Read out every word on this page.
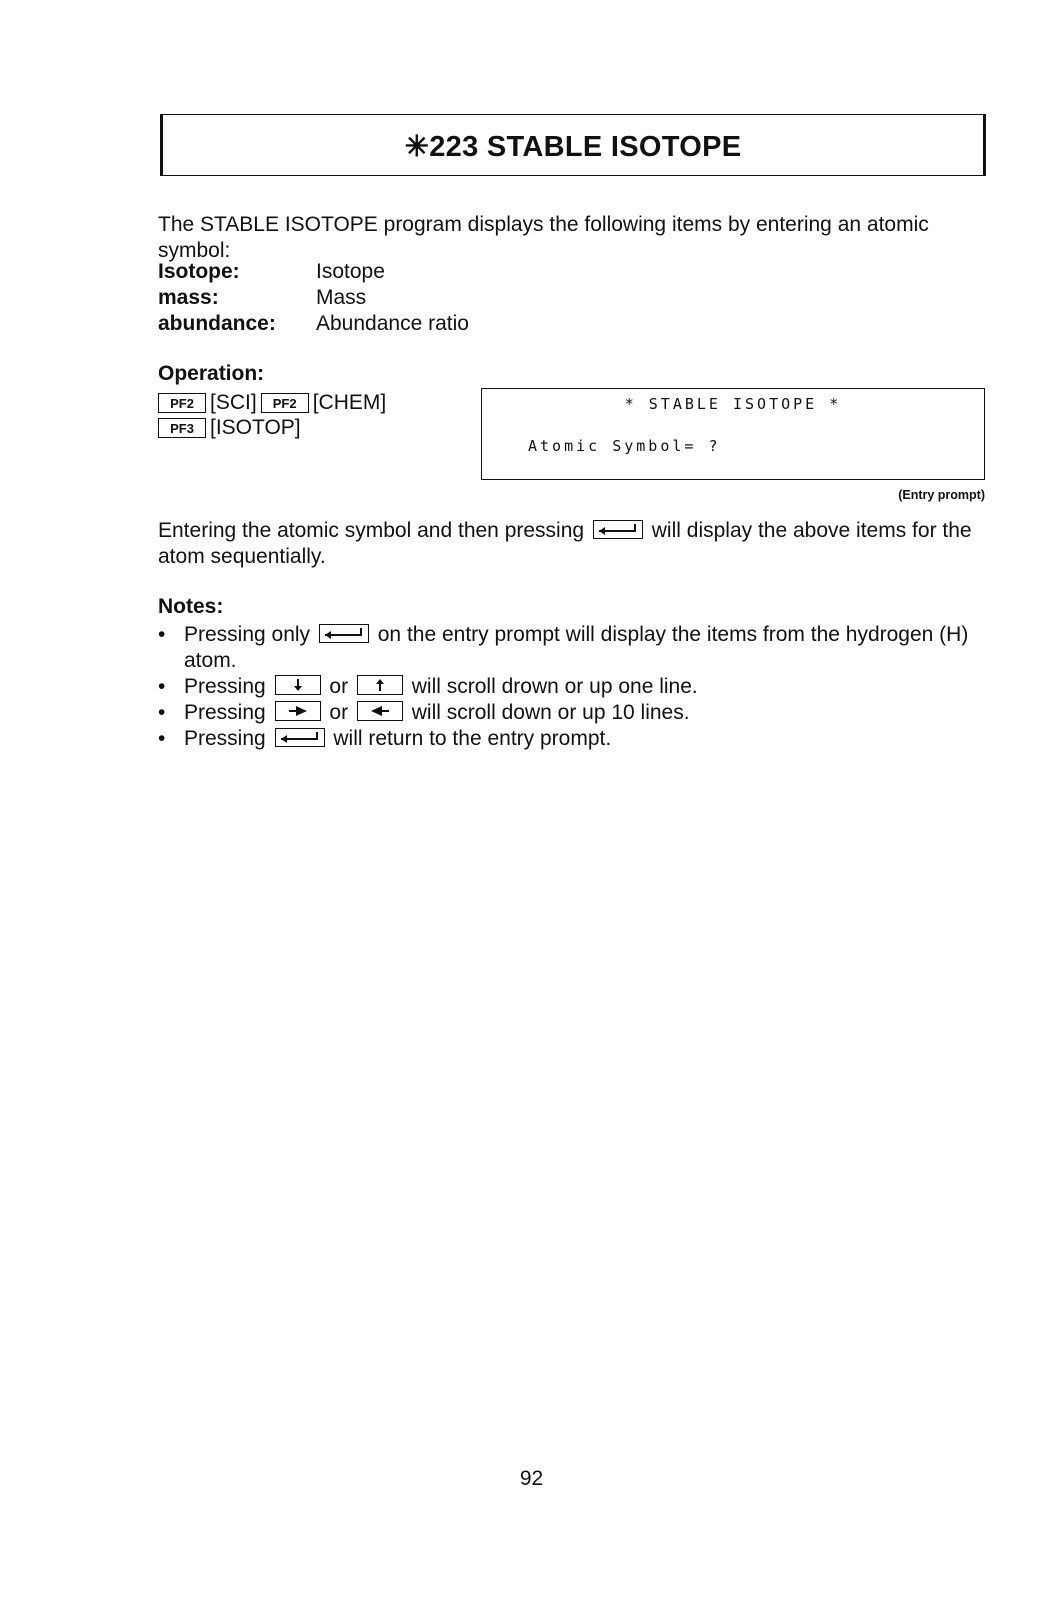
✳223 STABLE ISOTOPE
The STABLE ISOTOPE program displays the following items by entering an atomic symbol:
Isotope:	Isotope
mass:	Mass
abundance:	Abundance ratio
Operation:
PF2 [SCI]	PF2 [CHEM]
PF3 [ISOTOP]
* STABLE ISOTOPE *
Atomic Symbol= ?
(Entry prompt)
Entering the atomic symbol and then pressing	will display the above items for the atom sequentially.
Notes:
• Pressing only	on the entry prompt will display the items from the hydrogen (H) atom.
• Pressing	or	will scroll drown or up one line.
• Pressing	or	will scroll down or up 10 lines.
• Pressing	will return to the entry prompt.
92
